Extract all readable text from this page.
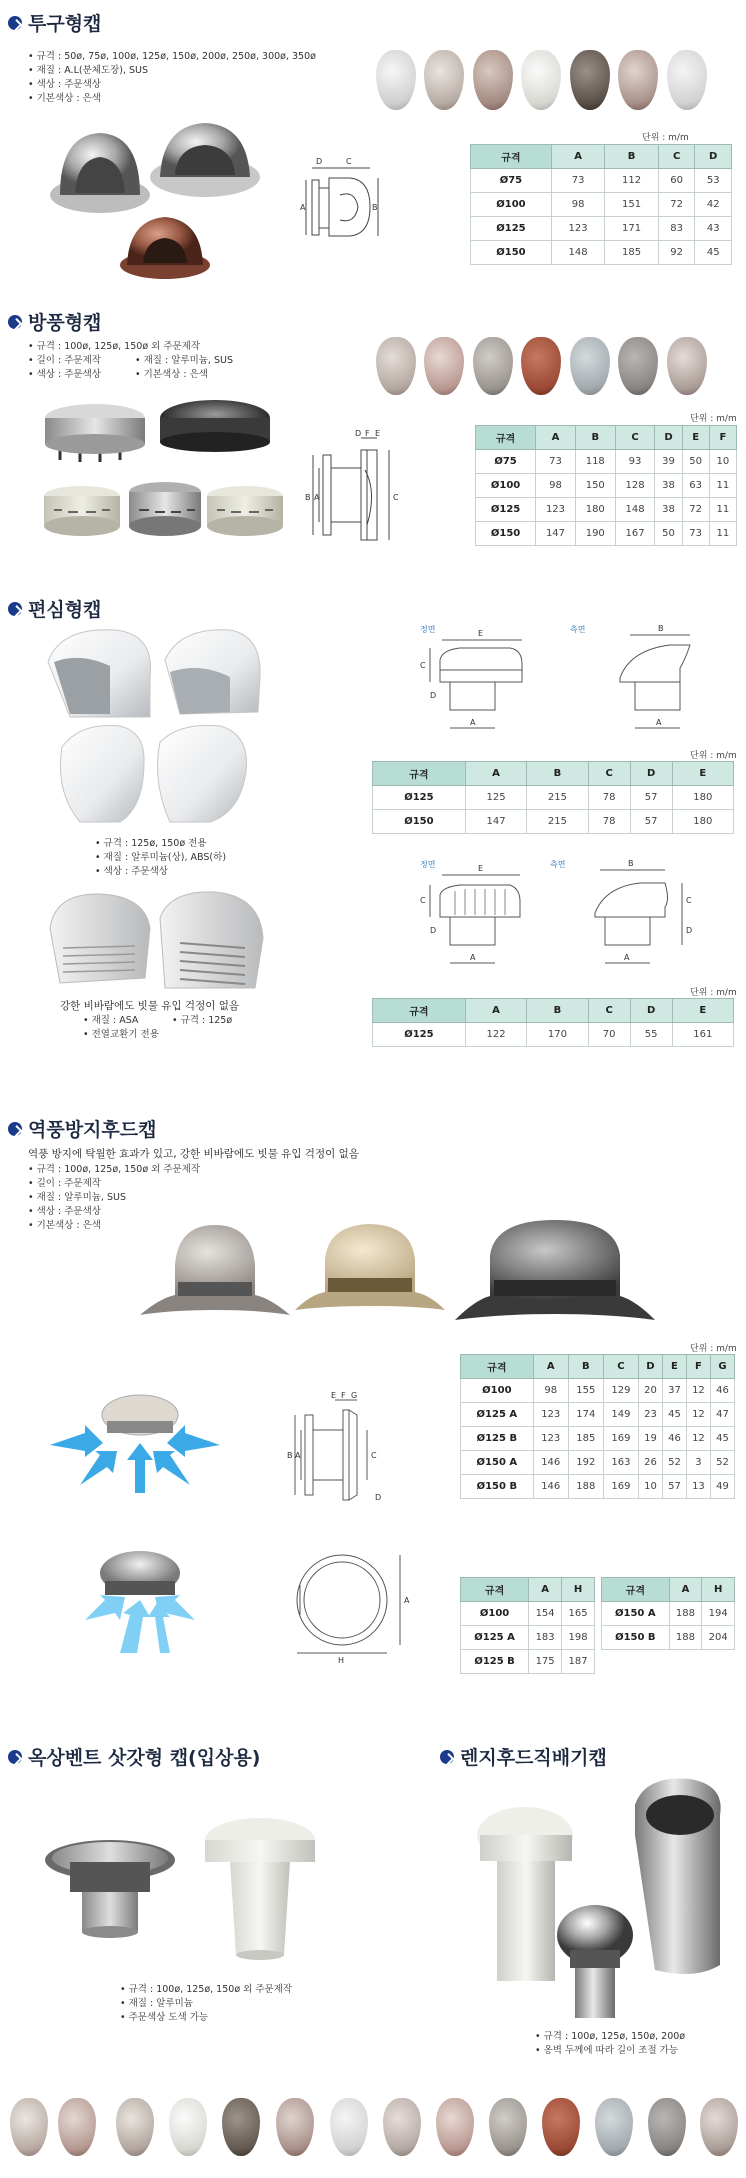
투구형캡
• 규격 : 50ø, 75ø, 100ø, 125ø, 150ø, 200ø, 250ø, 300ø, 350ø
• 재질 : A.L(분체도장), SUS
• 색상 : 주문색상
• 기본색상 : 은색
D	C
A	B
단위 : m/m
규격	A	B	C	D
Ø75	73	112	60	53
Ø100	98	151	72	42
Ø125	123	171	83	43
Ø150	148	185	92	45
방풍형캡
• 규격 : 100ø, 125ø, 150ø 외 주문제작
• 길이 : 주문제작
• 색상 : 주문색상
• 재질 : 알루미늄, SUS
• 기본색상 : 은색
D F E
B A	C
단위 : m/m
규격	A	B	C	D	E	F
Ø75	73	118	93	39	50	10
Ø100	98	150	128	38	63	11
Ø125	123	180	148	38	72	11
Ø150	147	190	167	50	73	11
편심형캡
• 규격 : 125ø, 150ø 전용
• 재질 : 알루미늄(상), ABS(하)
• 색상 : 주문색상
강한 비바람에도 빗물 유입 걱정이 없음
• 재질 : ASA
• 전열교환기 전용
• 규격 : 125ø
정면	측면
E
C
D
A
B
A
단위 : m/m
규격	A	B	C	D	E
Ø125	125	215	78	57	180
Ø150	147	215	78	57	180
정면	측면
E
C
D
A
B
A
C
D
단위 : m/m
규격	A	B	C	D	E
Ø125	122	170	70	55	161
역풍방지후드캡
역풍 방지에 탁월한 효과가 있고, 강한 비바람에도 빗물 유입 걱정이 없음
• 규격 : 100ø, 125ø, 150ø 외 주문제작
• 길이 : 주문제작
• 재질 : 알루미늄, SUS
• 색상 : 주문색상
• 기본색상 : 은색
단위 : m/m
규격	A	B	C	D	E	F	G
Ø100	98	155	129	20	37	12	46
Ø125 A	123	174	149	23	45	12	47
Ø125 B	123	185	169	19	46	12	45
Ø150 A	146	192	163	26	52	3	52
Ø150 B	146	188	169	10	57	13	49
E F G
B A	C
D
H
A
규격	A	H
Ø100	154	165
Ø125 A	183	198
Ø125 B	175	187
규격	A	H
Ø150 A	188	194
Ø150 B	188	204
옥상벤트 삿갓형 캡(입상용)	렌지후드직배기캡
• 규격 : 100ø, 125ø, 150ø 외 주문제작
• 재질 : 알루미늄
• 주문색상 도색 가능
• 규격 : 100ø, 125ø, 150ø, 200ø
• 옹벽 두께에 따라 길이 조절 가능
